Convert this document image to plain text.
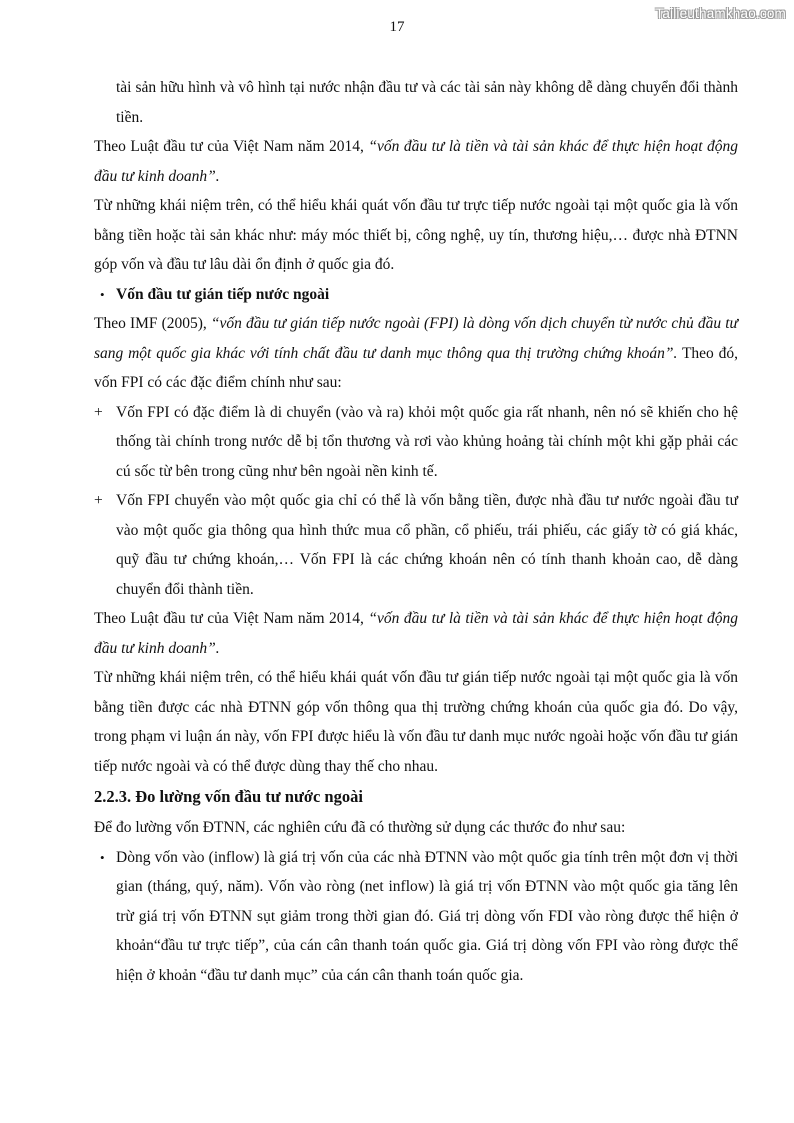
Tailieuthamkhao.com
17

tài sản hữu hình và vô hình tại nước nhận đầu tư và các tài sản này không dễ dàng chuyển đổi thành tiền.

Theo Luật đầu tư của Việt Nam năm 2014, “vốn đầu tư là tiền và tài sản khác để thực hiện hoạt động đầu tư kinh doanh”.

Từ những khái niệm trên, có thể hiểu khái quát vốn đầu tư trực tiếp nước ngoài tại một quốc gia là vốn bằng tiền hoặc tài sản khác như: máy móc thiết bị, công nghệ, uy tín, thương hiệu,… được nhà ĐTNN góp vốn và đầu tư lâu dài ổn định ở quốc gia đó.

• Vốn đầu tư gián tiếp nước ngoài

Theo IMF (2005), “vốn đầu tư gián tiếp nước ngoài (FPI) là dòng vốn dịch chuyển từ nước chủ đầu tư sang một quốc gia khác với tính chất đầu tư danh mục thông qua thị trường chứng khoán”. Theo đó, vốn FPI có các đặc điểm chính như sau:

+ Vốn FPI có đặc điểm là di chuyển (vào và ra) khỏi một quốc gia rất nhanh, nên nó sẽ khiến cho hệ thống tài chính trong nước dễ bị tổn thương và rơi vào khủng hoảng tài chính một khi gặp phải các cú sốc từ bên trong cũng như bên ngoài nền kinh tế.
+ Vốn FPI chuyển vào một quốc gia chỉ có thể là vốn bằng tiền, được nhà đầu tư nước ngoài đầu tư vào một quốc gia thông qua hình thức mua cổ phần, cổ phiếu, trái phiếu, các giấy tờ có giá khác, quỹ đầu tư chứng khoán,… Vốn FPI là các chứng khoán nên có tính thanh khoản cao, dễ dàng chuyển đổi thành tiền.

Theo Luật đầu tư của Việt Nam năm 2014, “vốn đầu tư là tiền và tài sản khác để thực hiện hoạt động đầu tư kinh doanh”.

Từ những khái niệm trên, có thể hiểu khái quát vốn đầu tư gián tiếp nước ngoài tại một quốc gia là vốn bằng tiền được các nhà ĐTNN góp vốn thông qua thị trường chứng khoán của quốc gia đó. Do vậy, trong phạm vi luận án này, vốn FPI được hiểu là vốn đầu tư danh mục nước ngoài hoặc vốn đầu tư gián tiếp nước ngoài và có thể được dùng thay thế cho nhau.

2.2.3. Đo lường vốn đầu tư nước ngoài

Để đo lường vốn ĐTNN, các nghiên cứu đã có thường sử dụng các thước đo như sau:

• Dòng vốn vào (inflow) là giá trị vốn của các nhà ĐTNN vào một quốc gia tính trên một đơn vị thời gian (tháng, quý, năm). Vốn vào ròng (net inflow) là giá trị vốn ĐTNN vào một quốc gia tăng lên trừ giá trị vốn ĐTNN sụt giảm trong thời gian đó. Giá trị dòng vốn FDI vào ròng được thể hiện ở khoản“đầu tư trực tiếp”, của cán cân thanh toán quốc gia. Giá trị dòng vốn FPI vào ròng được thể hiện ở khoản “đầu tư danh mục” của cán cân thanh toán quốc gia.
